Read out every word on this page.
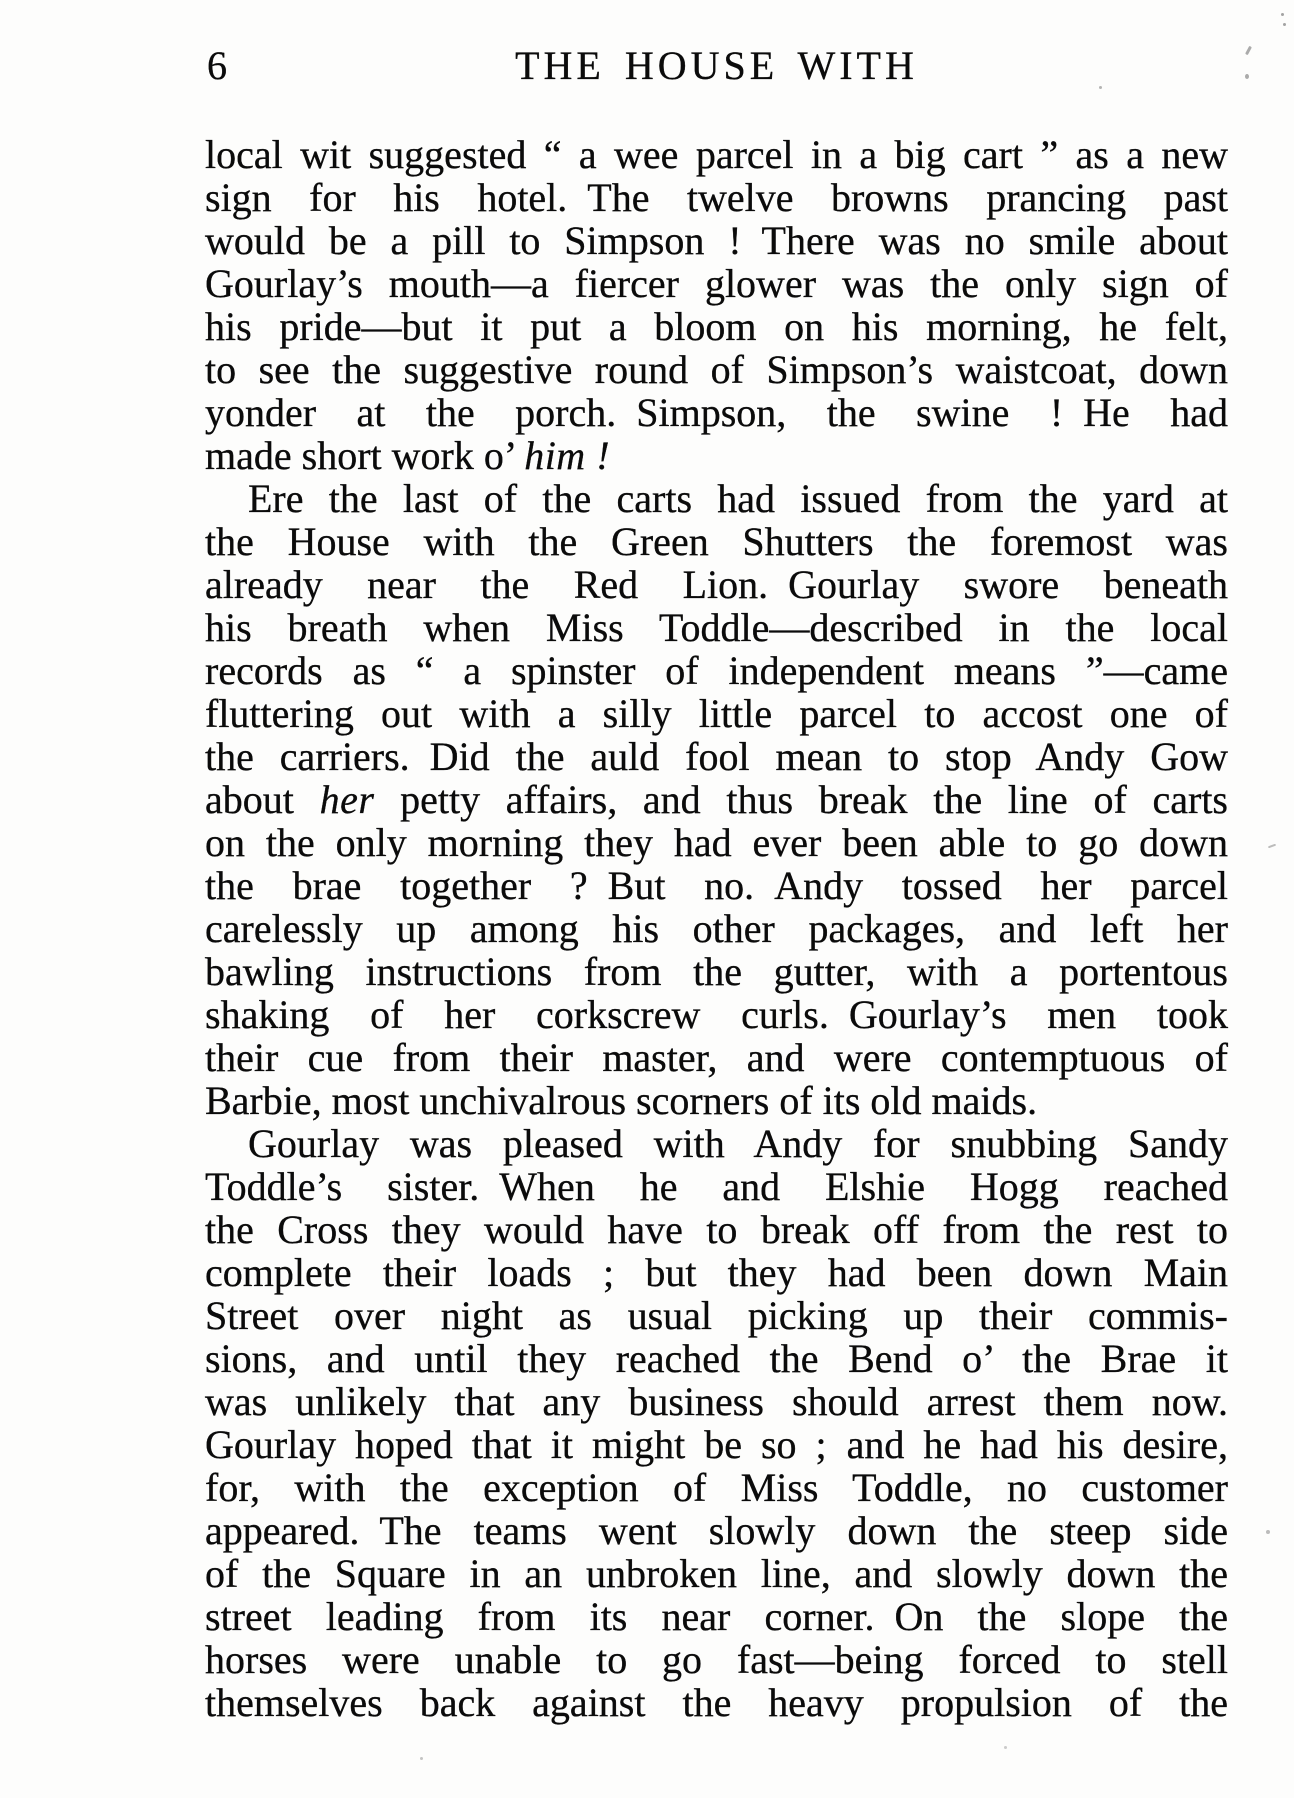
6	THE HOUSE WITH
local wit suggested “ a wee parcel in a big cart ” as a new
sign for his hotel. The twelve browns prancing past
would be a pill to Simpson ! There was no smile about
Gourlay’s mouth—a fiercer glower was the only sign of
his pride—but it put a bloom on his morning, he felt,
to see the suggestive round of Simpson’s waistcoat, down
yonder at the porch. Simpson, the swine ! He had
made short work o’ him !
Ere the last of the carts had issued from the yard at
the House with the Green Shutters the foremost was
already near the Red Lion. Gourlay swore beneath
his breath when Miss Toddle—described in the local
records as “ a spinster of independent means ”—came
fluttering out with a silly little parcel to accost one of
the carriers. Did the auld fool mean to stop Andy Gow
about her petty affairs, and thus break the line of carts
on the only morning they had ever been able to go down
the brae together ? But no. Andy tossed her parcel
carelessly up among his other packages, and left her
bawling instructions from the gutter, with a portentous
shaking of her corkscrew curls. Gourlay’s men took
their cue from their master, and were contemptuous of
Barbie, most unchivalrous scorners of its old maids.
Gourlay was pleased with Andy for snubbing Sandy
Toddle’s sister. When he and Elshie Hogg reached
the Cross they would have to break off from the rest to
complete their loads ; but they had been down Main
Street over night as usual picking up their commis-
sions, and until they reached the Bend o’ the Brae it
was unlikely that any business should arrest them now.
Gourlay hoped that it might be so ; and he had his desire,
for, with the exception of Miss Toddle, no customer
appeared. The teams went slowly down the steep side
of the Square in an unbroken line, and slowly down the
street leading from its near corner. On the slope the
horses were unable to go fast—being forced to stell
themselves back against the heavy propulsion of the
